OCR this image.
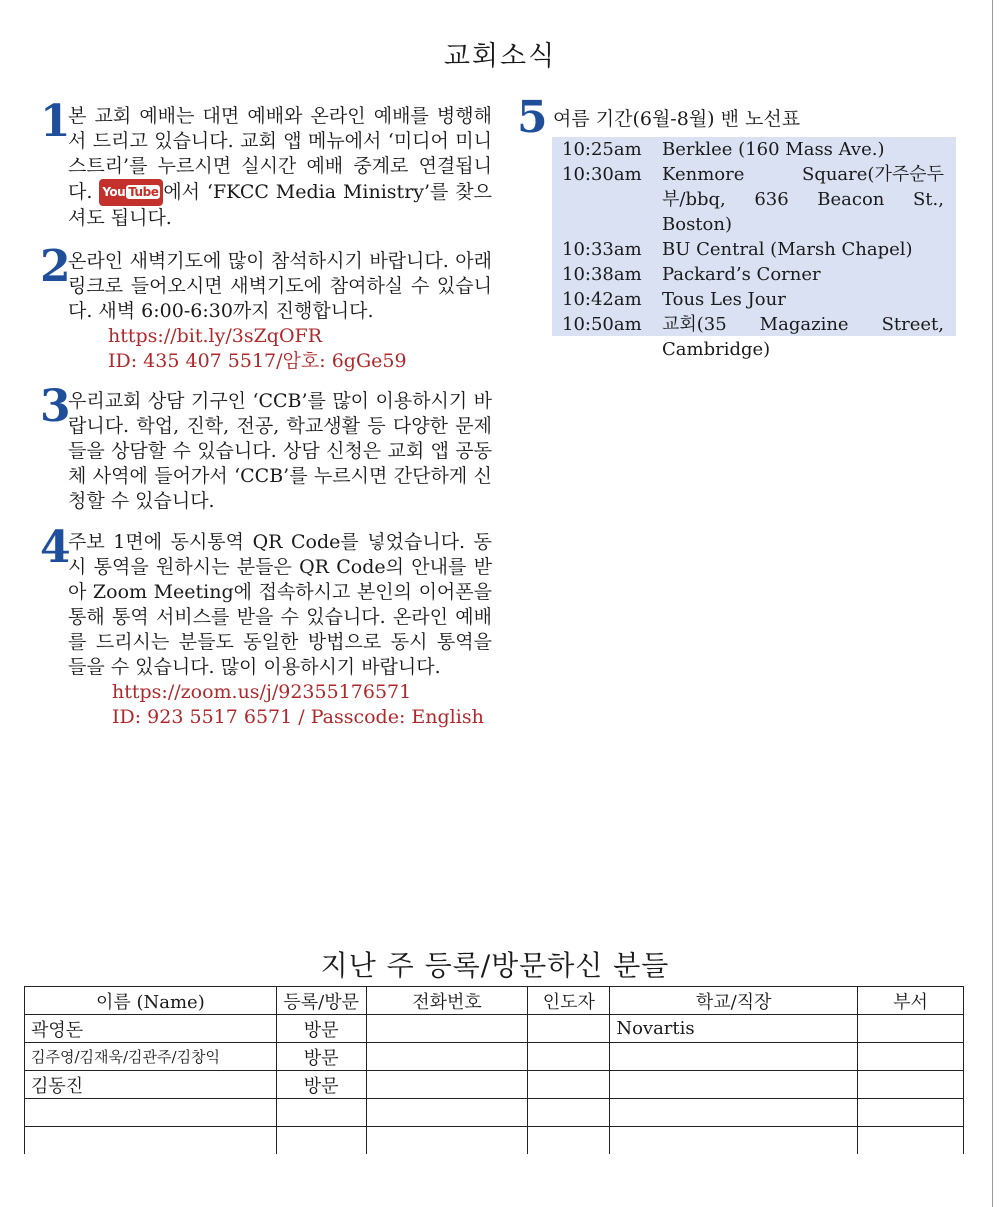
교회소식
1
본 교회 예배는 대면 예배와 온라인 예배를 병행해서 드리고 있습니다. 교회 앱 메뉴에서 ‘미디어 미니스트리’를 누르시면 실시간 예배 중계로 연결됩니다. You Tube 에서 ‘FKCC Media Ministry’를 찾으셔도 됩니다.
2
온라인 새벽기도에 많이 참석하시기 바랍니다. 아래 링크로 들어오시면 새벽기도에 참여하실 수 있습니다. 새벽 6:00-6:30까지 진행합니다.
https://bit.ly/3sZqOFR
ID: 435 407 5517/암호: 6gGe59
3
우리교회 상담 기구인 ‘CCB’를 많이 이용하시기 바랍니다. 학업, 진학, 전공, 학교생활 등 다양한 문제들을 상담할 수 있습니다. 상담 신청은 교회 앱 공동체 사역에 들어가서 ‘CCB’를 누르시면 간단하게 신청할 수 있습니다.
4
주보 1면에 동시통역 QR Code를 넣었습니다. 동시 통역을 원하시는 분들은 QR Code의 안내를 받아 Zoom Meeting에 접속하시고 본인의 이어폰을 통해 통역 서비스를 받을 수 있습니다. 온라인 예배를 드리시는 분들도 동일한 방법으로 동시 통역을 들을 수 있습니다. 많이 이용하시기 바랍니다.
https://zoom.us/j/92355176571
ID: 923 5517 6571 / Passcode: English
5 여름 기간(6월-8월) 밴 노선표
10:25am	Berklee (160 Mass Ave.)
10:30am	Kenmore Square(가주순두부/bbq, 636 Beacon St., Boston)
10:33am	BU Central (Marsh Chapel)
10:38am	Packard’s Corner
10:42am	Tous Les Jour
10:50am	교회(35 Magazine Street, Cambridge)
지난 주 등록/방문하신 분들
이름 (Name)	등록/방문	전화번호	인도자	학교/직장	부서
곽영돈	방문			Novartis	
김주영/김재욱/김관주/김창익	방문				
김동진	방문				
